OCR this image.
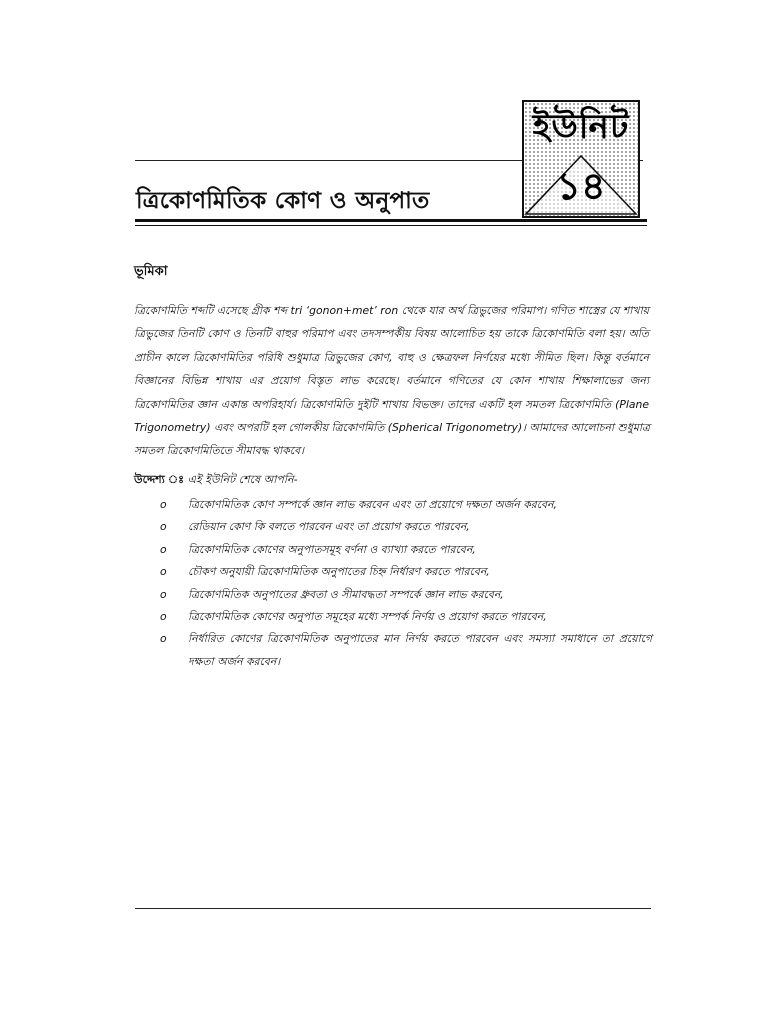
ত্রিকোণমিতিক কোণ ও অনুপাত
ইউনিট
১৪
ভূমিকা
ত্রিকোণমিতি শব্দটি এসেছে গ্রীক শব্দ tri ‘gonon+met’ ron থেকে যার অর্থ ত্রিভুজের পরিমাপ। গণিত শাস্ত্রের যে শাখায়
ত্রিভুজের তিনটি কোণ ও তিনটি বাহুর পরিমাপ এবং তদসম্পর্কীয় বিষয় আলোচিত হয় তাকে ত্রিকোণমিতি বলা হয়। অতি
প্রাচীন কালে ত্রিকোণমিতির পরিধি শুধুমাত্র ত্রিভুজের কোণ, বাহু ও ক্ষেত্রফল নির্ণয়ের মধ্যে সীমিত ছিল। কিন্তু বর্তমানে
বিজ্ঞানের বিভিন্ন শাখায় এর প্রয়োগ বিস্তৃত লাভ করেছে। বর্তমানে গণিতের যে কোন শাখায় শিক্ষালাভের জন্য
ত্রিকোণমিতির জ্ঞান একান্ত অপরিহার্য। ত্রিকোণমিতি দুইটি শাখায় বিভক্ত। তাদের একটি হল সমতল ত্রিকোণমিতি (Plane
Trigonometry) এবং অপরটি হল গোলকীয় ত্রিকোণমিতি (Spherical Trigonometry)। আমাদের আলোচনা শুধুমাত্র
সমতল ত্রিকোণমিতিতে সীমাবদ্ধ থাকবে।
উদ্দেশ্য ঃ এই ইউনিট শেষে আপনি-
o ত্রিকোণমিতিক কোণ সম্পর্কে জ্ঞান লাভ করবেন এবং তা প্রয়োগে দক্ষতা অর্জন করবেন,
o রেডিয়ান কোণ কি বলতে পারবেন এবং তা প্রয়োগ করতে পারবেন,
o ত্রিকোণমিতিক কোণের অনুপাতসমূহ বর্ণনা ও ব্যাখ্যা করতে পারবেন,
o চৌকণ অনুযায়ী ত্রিকোণমিতিক অনুপাতের চিহ্ন নির্ধারণ করতে পারবেন,
o ত্রিকোণমিতিক অনুপাতের ধ্রুবতা ও সীমাবদ্ধতা সম্পর্কে জ্ঞান লাভ করবেন,
o ত্রিকোণমিতিক কোণের অনুপাত সমূহের মধ্যে সম্পর্ক নির্ণয় ও প্রয়োগ করতে পারবেন,
o নির্ধারিত কোণের ত্রিকোণমিতিক অনুপাতের মান নির্ণয় করতে পারবেন এবং সমস্যা সমাধানে তা প্রয়োগে
দক্ষতা অর্জন করবেন।
